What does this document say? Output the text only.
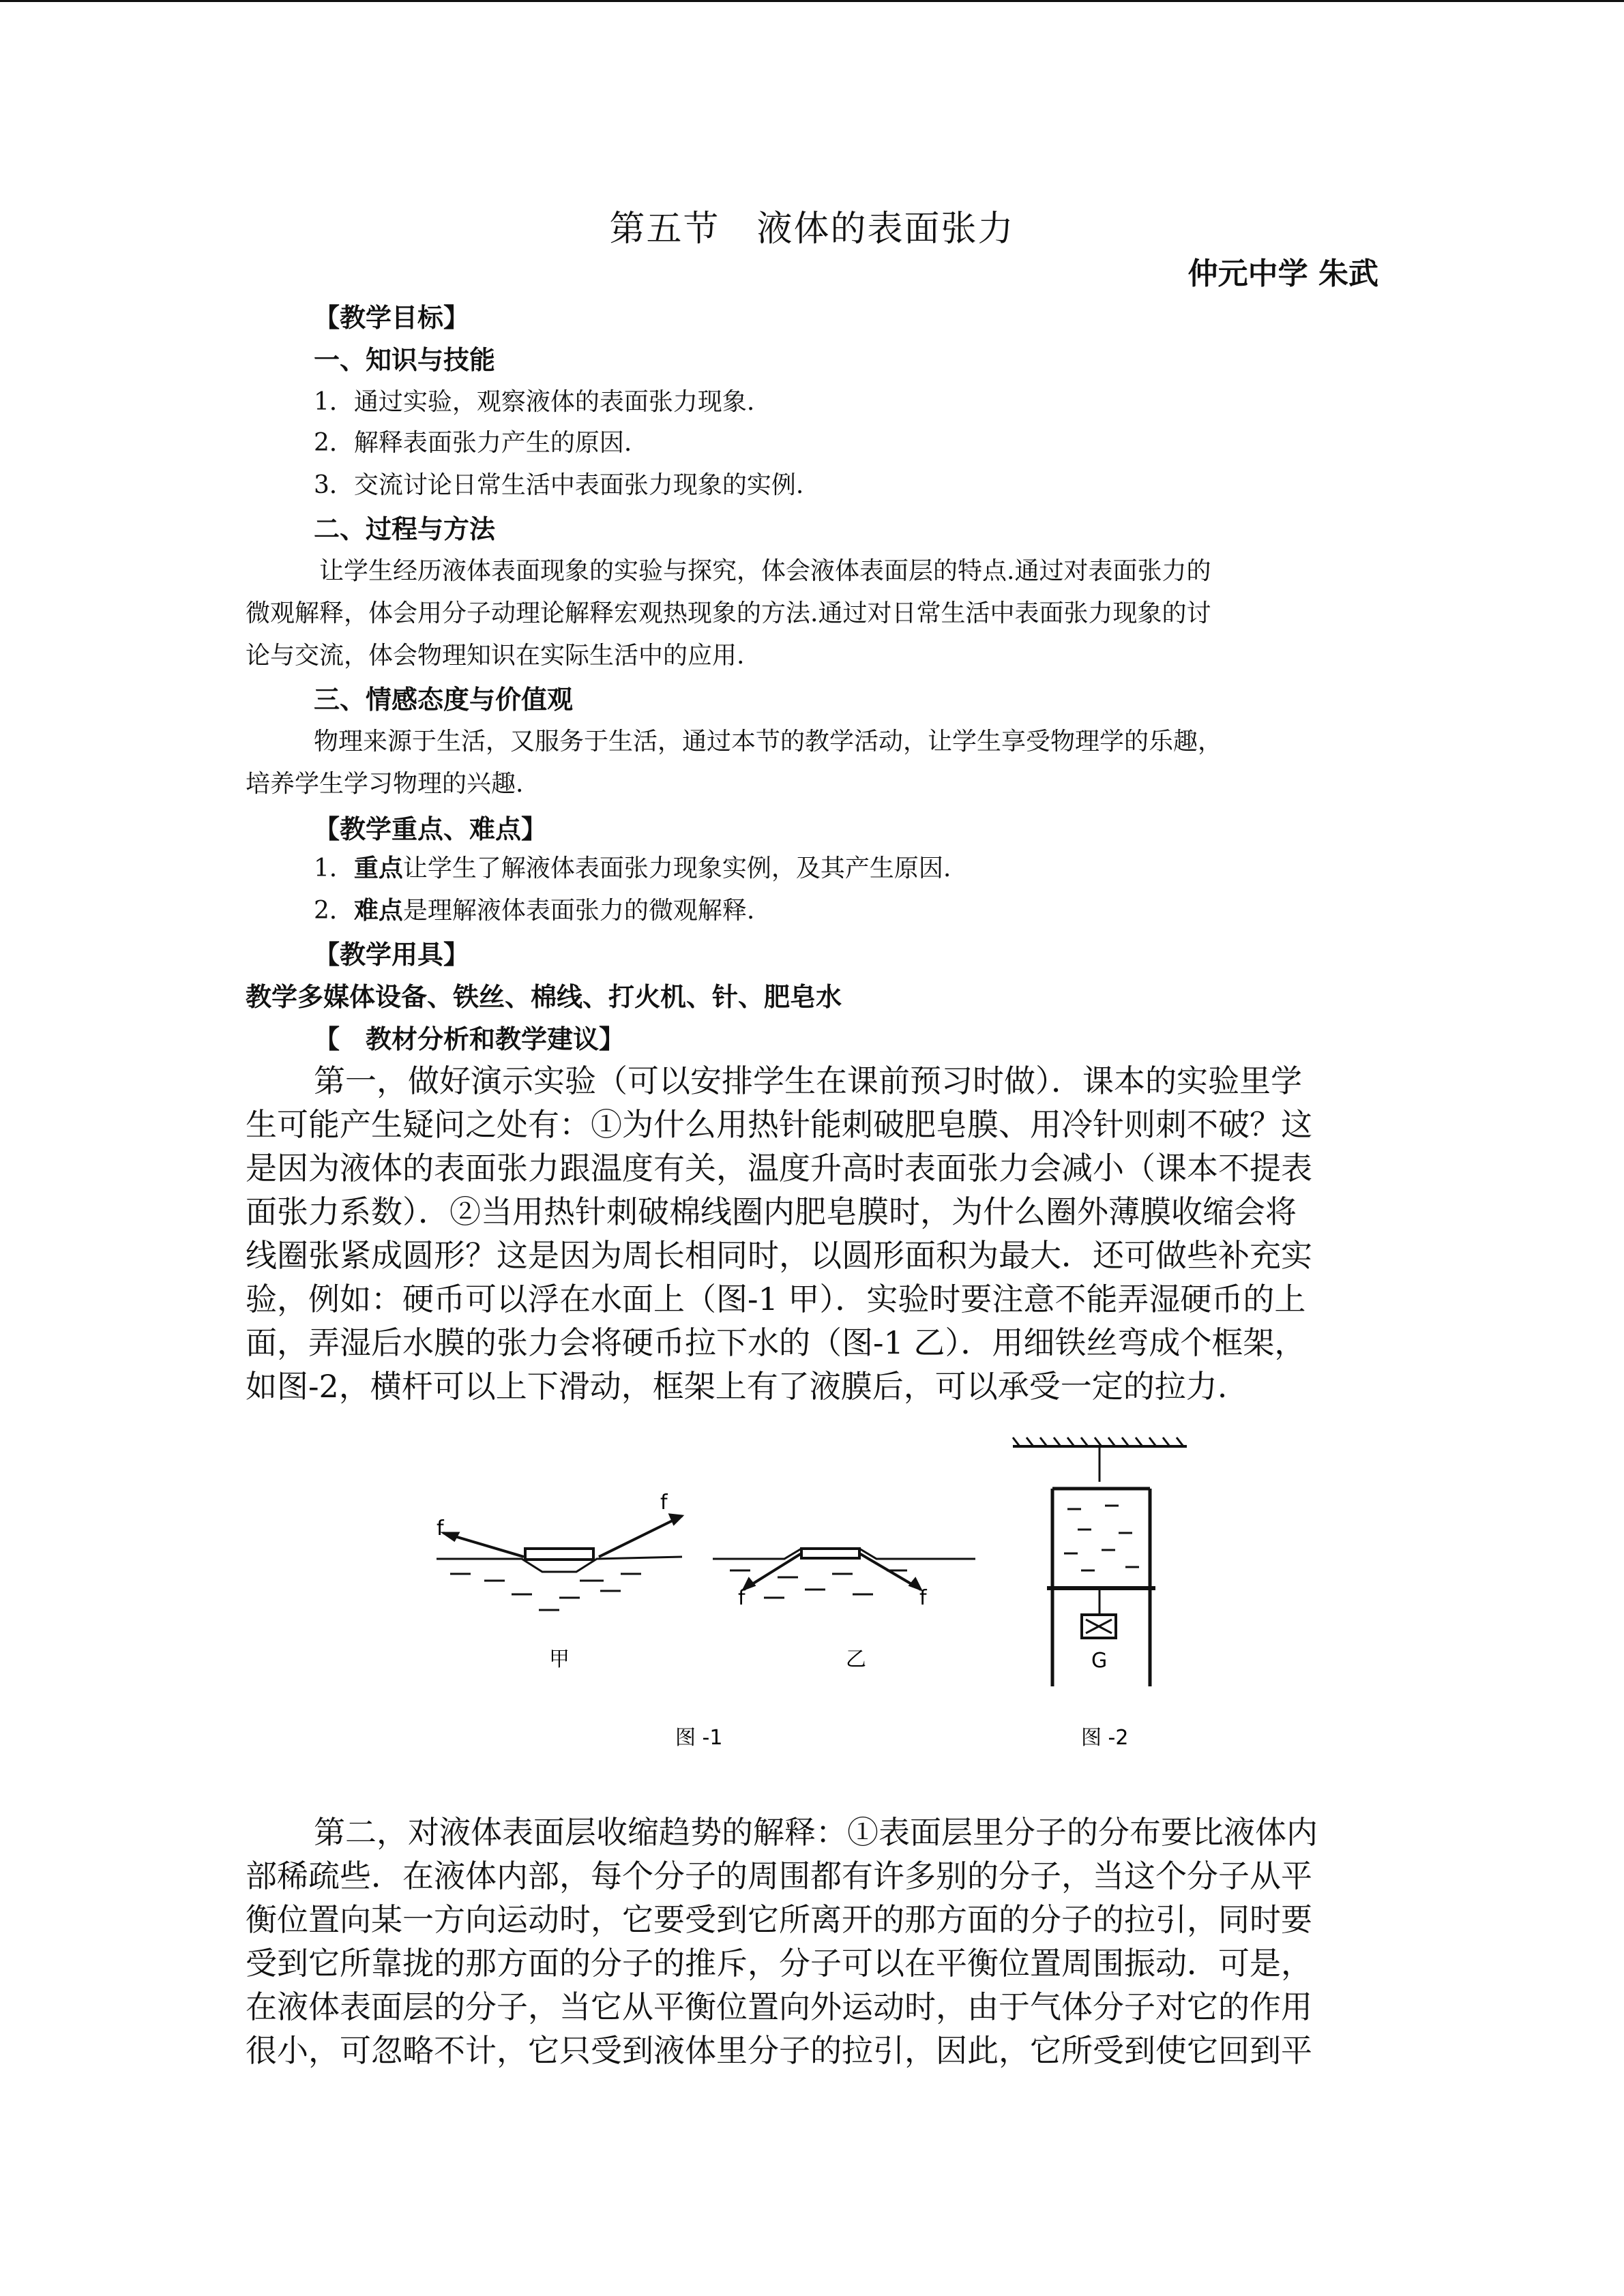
第五节　液体的表面张力
仲元中学 朱武
【教学目标】
一、知识与技能
1．通过实验，观察液体的表面张力现象.
2．解释表面张力产生的原因.
3．交流讨论日常生活中表面张力现象的实例.
二、过程与方法
让学生经历液体表面现象的实验与探究，体会液体表面层的特点.通过对表面张力的
微观解释，体会用分子动理论解释宏观热现象的方法.通过对日常生活中表面张力现象的讨
论与交流，体会物理知识在实际生活中的应用.
三、情感态度与价值观
物理来源于生活，又服务于生活，通过本节的教学活动，让学生享受物理学的乐趣，
培养学生学习物理的兴趣.
【教学重点、难点】
1．重点让学生了解液体表面张力现象实例，及其产生原因.
2．难点是理解液体表面张力的微观解释.
【教学用具】
教学多媒体设备、铁丝、棉线、打火机、针、肥皂水
【　教材分析和教学建议】
第一，做好演示实验（可以安排学生在课前预习时做）．课本的实验里学
生可能产生疑问之处有：①为什么用热针能刺破肥皂膜、用冷针则刺不破？这
是因为液体的表面张力跟温度有关，温度升高时表面张力会减小（课本不提表
面张力系数）．②当用热针刺破棉线圈内肥皂膜时，为什么圈外薄膜收缩会将
线圈张紧成圆形？这是因为周长相同时，以圆形面积为最大．还可做些补充实
验，例如：硬币可以浮在水面上（图-1 甲）．实验时要注意不能弄湿硬币的上
面，弄湿后水膜的张力会将硬币拉下水的（图-1 乙）．用细铁丝弯成个框架，
如图-2，横杆可以上下滑动，框架上有了液膜后，可以承受一定的拉力.
f
f
甲
f	f
乙	G
图 -1	图 -2
第二，对液体表面层收缩趋势的解释：①表面层里分子的分布要比液体内
部稀疏些．在液体内部，每个分子的周围都有许多别的分子，当这个分子从平
衡位置向某一方向运动时，它要受到它所离开的那方面的分子的拉引，同时要
受到它所靠拢的那方面的分子的推斥，分子可以在平衡位置周围振动．可是，
在液体表面层的分子，当它从平衡位置向外运动时，由于气体分子对它的作用
很小，可忽略不计，它只受到液体里分子的拉引，因此，它所受到使它回到平
